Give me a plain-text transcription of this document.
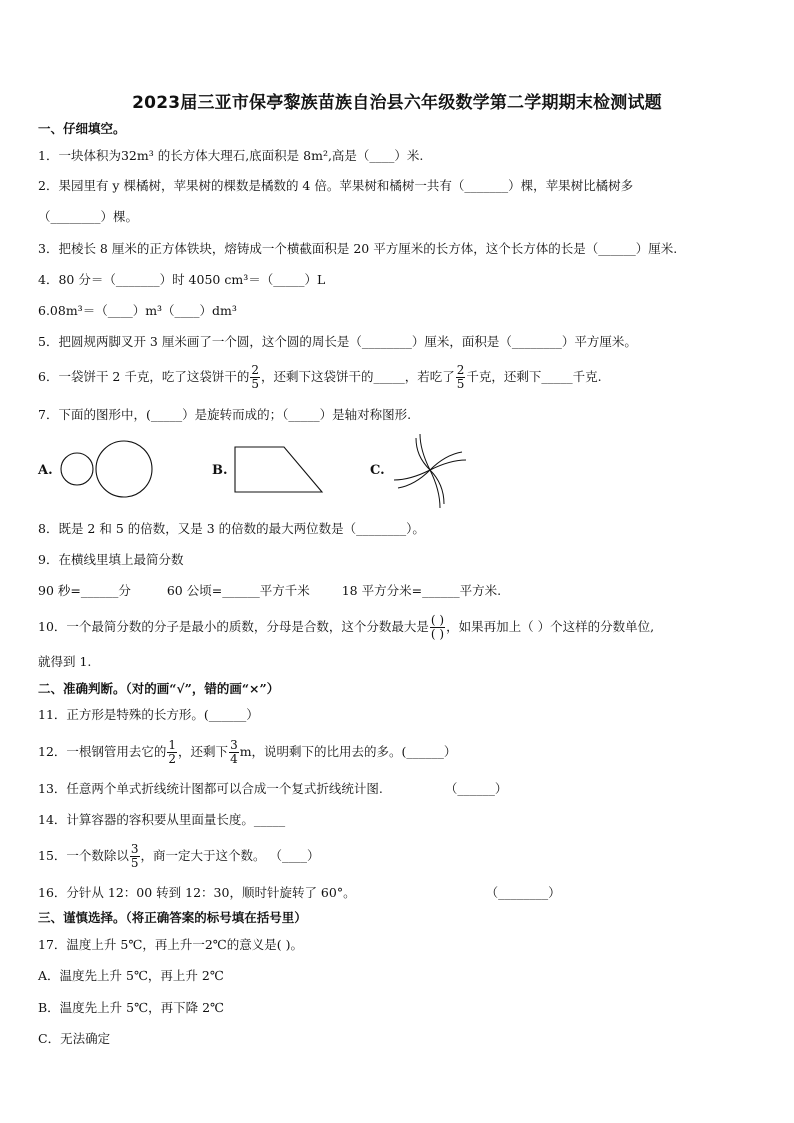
2023届三亚市保亭黎族苗族自治县六年级数学第二学期期末检测试题
一、仔细填空。
1．一块体积为32m³ 的长方体大理石,底面积是 8m²,高是（____）米.
2．果园里有 y 棵橘树，苹果树的棵数是橘数的 4 倍。苹果树和橘树一共有（_______）棵，苹果树比橘树多
（________）棵。
3．把棱长 8 厘米的正方体铁块，熔铸成一个横截面积是 20 平方厘米的长方体，这个长方体的长是（______）厘米.
4．80 分＝（_______）时 4050 cm³＝（_____）L
6.08m³＝（____）m³（____）dm³
5．把圆规两脚叉开 3 厘米画了一个圆，这个圆的周长是（________）厘米，面积是（________）平方厘米。
6．一袋饼干 2 千克，吃了这袋饼干的 $\frac{2}{5}$ ，还剩下这袋饼干的_____，若吃了 $\frac{2}{5}$ 千克，还剩下_____千克.
7．下面的图形中，(_____）是旋转而成的；（_____）是轴对称图形.
A.	B.	C.
8．既是 2 和 5 的倍数，又是 3 的倍数的最大两位数是（________）。
9．在横线里填上最简分数
90 秒=______分	60 公顷=______平方千米	18 平方分米=______平方米.
10．一个最简分数的分子是最小的质数，分母是合数，这个分数最大是 $\frac{( )}{( )}$ ，如果再加上（ ）个这样的分数单位,
就得到 1.
二、准确判断。（对的画“√”，错的画“×”）
11．正方形是特殊的长方形。(______）
12．一根钢管用去它的 $\frac{1}{2}$ ，还剩下 $\frac{3}{4}$ m，说明剩下的比用去的多。(______）
13．任意两个单式折线统计图都可以合成一个复式折线统计图.	（______）
14．计算容器的容积要从里面量长度。_____
15．一个数除以 $\frac{3}{5}$ ，商一定大于这个数。 （____）
16．分针从 12：00 转到 12：30，顺时针旋转了 60°。	（________）
三、谨慎选择。（将正确答案的标号填在括号里）
17．温度上升 5℃，再上升一2℃的意义是( )。
A．温度先上升 5℃，再上升 2℃
B．温度先上升 5℃，再下降 2℃
C．无法确定
